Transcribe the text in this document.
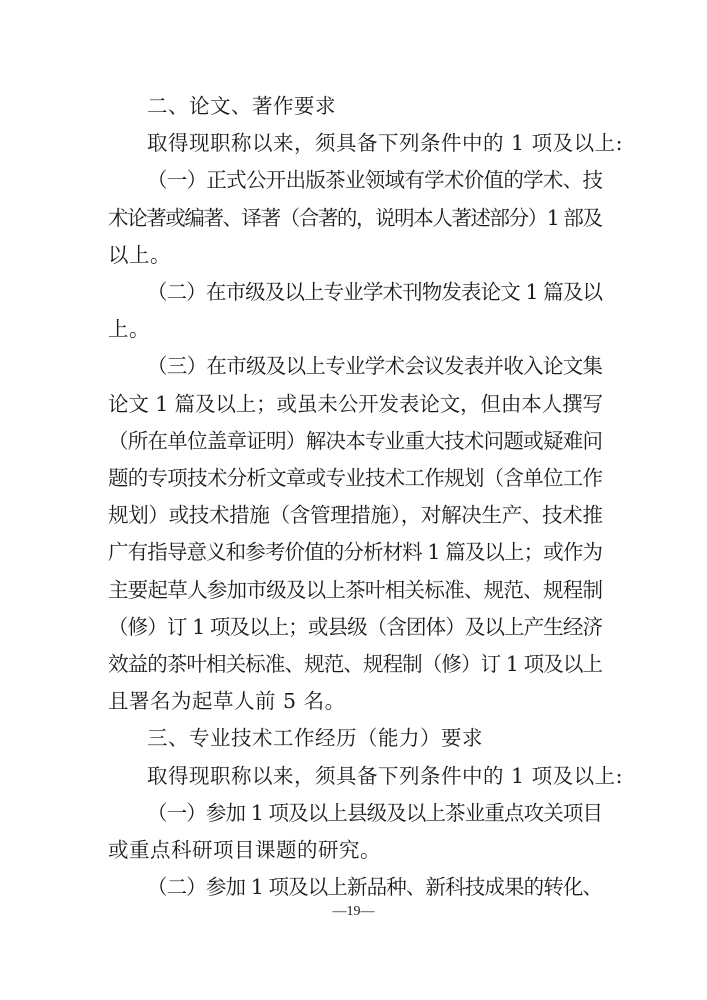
二、论文、著作要求
取得现职称以来，须具备下列条件中的 1 项及以上:
（一）正式公开出版茶业领域有学术价值的学术、技
术论著或编著、译著（合著的，说明本人著述部分）1 部及
以上。
（二）在市级及以上专业学术刊物发表论文 1 篇及以
上。
（三）在市级及以上专业学术会议发表并收入论文集
论文 1 篇及以上；或虽未公开发表论文，但由本人撰写
（所在单位盖章证明）解决本专业重大技术问题或疑难问
题的专项技术分析文章或专业技术工作规划（含单位工作
规划）或技术措施（含管理措施），对解决生产、技术推
广有指导意义和参考价值的分析材料 1 篇及以上；或作为
主要起草人参加市级及以上茶叶相关标准、规范、规程制
（修）订 1 项及以上；或县级（含团体）及以上产生经济
效益的茶叶相关标准、规范、规程制（修）订 1 项及以上
且署名为起草人前 5 名。
三、专业技术工作经历（能力）要求
取得现职称以来，须具备下列条件中的 1 项及以上:
（一）参加 1 项及以上县级及以上茶业重点攻关项目
或重点科研项目课题的研究。
（二）参加 1 项及以上新品种、新科技成果的转化、
—19—
